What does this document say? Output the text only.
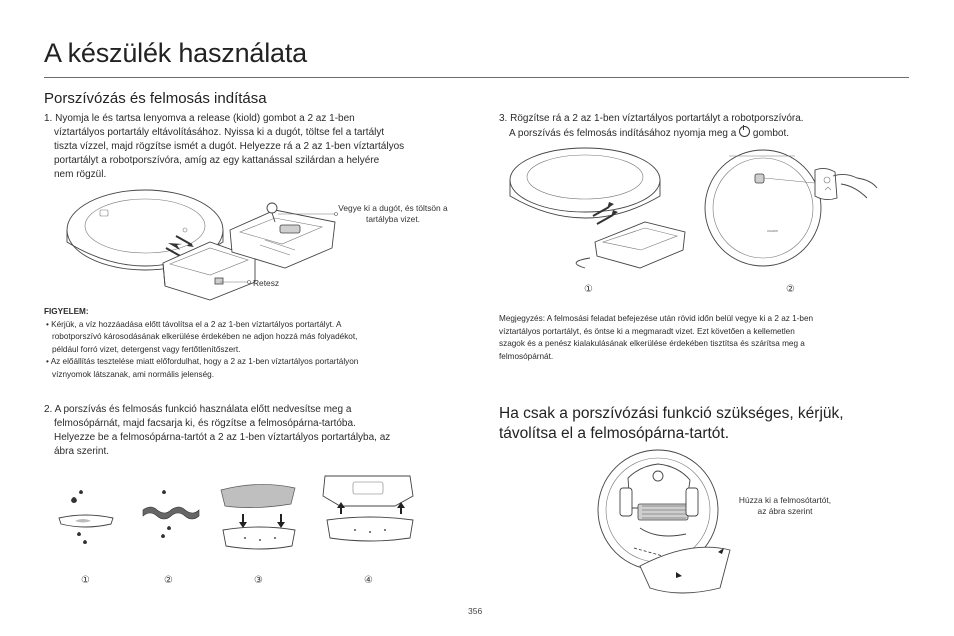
A készülék használata
Porszívózás és felmosás indítása
1. Nyomja le és tartsa lenyomva a release (kiold) gombot a 2 az 1-ben

víztartályos portartály eltávolításához. Nyissa ki a dugót, töltse fel a tartályt
tiszta vízzel, majd rögzítse ismét a dugót. Helyezze rá a 2 az 1-ben víztartályos
portartályt a robotporszívóra, amíg az egy kattanással szilárdan a helyére
nem rögzül.
Vegye ki a dugót, és töltsön a tartályba vizet.
Retesz
FIGYELEM:

• Kérjük, a víz hozzáadása előtt távolítsa el a 2 az 1-ben víztartályos portartályt. A
robotporszívó károsodásának elkerülése érdekében ne adjon hozzá más folyadékot,
például forró vizet, detergenst vagy fertőtlenítőszert.
• Az előállítás tesztelése miatt előfordulhat, hogy a 2 az 1-ben víztartályos portartályon
víznyomok látszanak, ami normális jelenség.
2. A porszívás és felmosás funkció használata előtt nedvesítse meg a

felmosópárnát, majd facsarja ki, és rögzítse a felmosópárna-tartóba.
Helyezze be a felmosópárna-tartót a 2 az 1-ben víztartályos portartályba, az
ábra szerint.
①	②	③	④
3. Rögzítse rá a 2 az 1-ben víztartályos portartályt a robotporszívóra.

A porszívás és felmosás indításához nyomja meg a gombot.
XIAOMI
①	②
Megjegyzés: A felmosási feladat befejezése után rövid időn belül vegye ki a 2 az 1-ben
víztartályos portartályt, és öntse ki a megmaradt vizet. Ezt követően a kellemetlen
szagok és a penész kialakulásának elkerülése érdekében tisztítsa és szárítsa meg a
felmosópárnát.
Ha csak a porszívózási funkció szükséges, kérjük,
távolítsa el a felmosópárna-tartót.
Húzza ki a felmosótartót,
az ábra szerint
356
